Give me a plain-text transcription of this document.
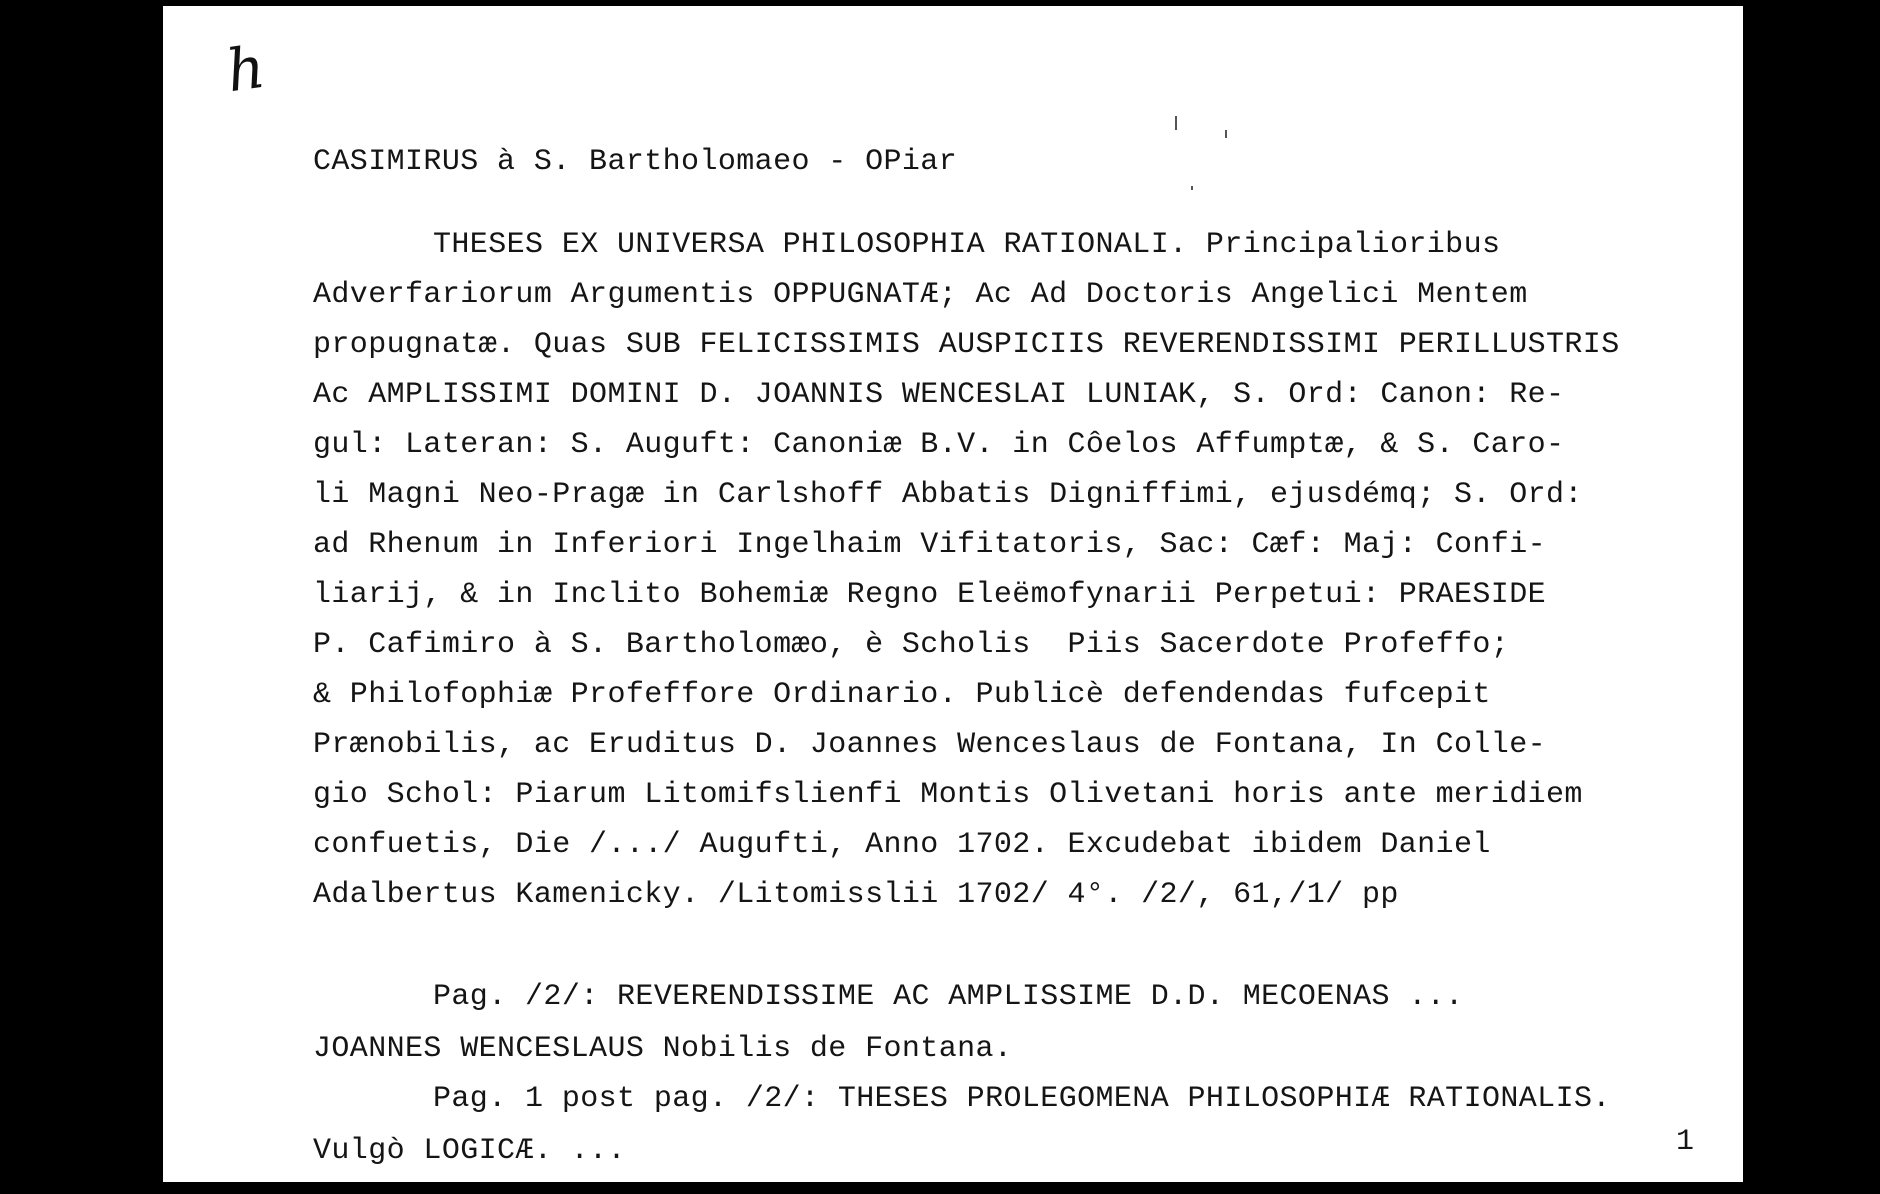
h
CASIMIRUS à S. Bartholomaeo - OPiar
THESES EX UNIVERSA PHILOSOPHIA RATIONALI. Principalioribus
Adverfariorum Argumentis OPPUGNATÆ; Ac Ad Doctoris Angelici Mentem
propugnatæ. Quas SUB FELICISSIMIS AUSPICIIS REVERENDISSIMI PERILLUSTRIS
Ac AMPLISSIMI DOMINI D. JOANNIS WENCESLAI LUNIAK, S. Ord: Canon: Re-
gul: Lateran: S. Auguft: Canoniæ B.V. in Côelos Affumptæ, & S. Caro-
li Magni Neo-Pragæ in Carlshoff Abbatis Digniffimi, ejusdémq; S. Ord:
ad Rhenum in Inferiori Ingelhaim Vifitatoris, Sac: Cæf: Maj: Confi-
liarij, & in Inclito Bohemiæ Regno Eleëmofynarii Perpetui: PRAESIDE
P. Cafimiro à S. Bartholomæo, è Scholis  Piis Sacerdote Profeffo;
& Philofophiæ Profeffore Ordinario. Publicè defendendas fufcepit
Prænobilis, ac Eruditus D. Joannes Wenceslaus de Fontana, In Colle-
gio Schol: Piarum Litomifslienfi Montis Olivetani horis ante meridiem
confuetis, Die /.../ Augufti, Anno 1702. Excudebat ibidem Daniel
Adalbertus Kamenicky. /Litomisslii 1702/ 4°. /2/, 61,/1/ pp
Pag. /2/: REVERENDISSIME AC AMPLISSIME D.D. MECOENAS ...
JOANNES WENCESLAUS Nobilis de Fontana.
Pag. 1 post pag. /2/: THESES PROLEGOMENA PHILOSOPHIÆ RATIONALIS.
Vulgò LOGICÆ. ...	1
